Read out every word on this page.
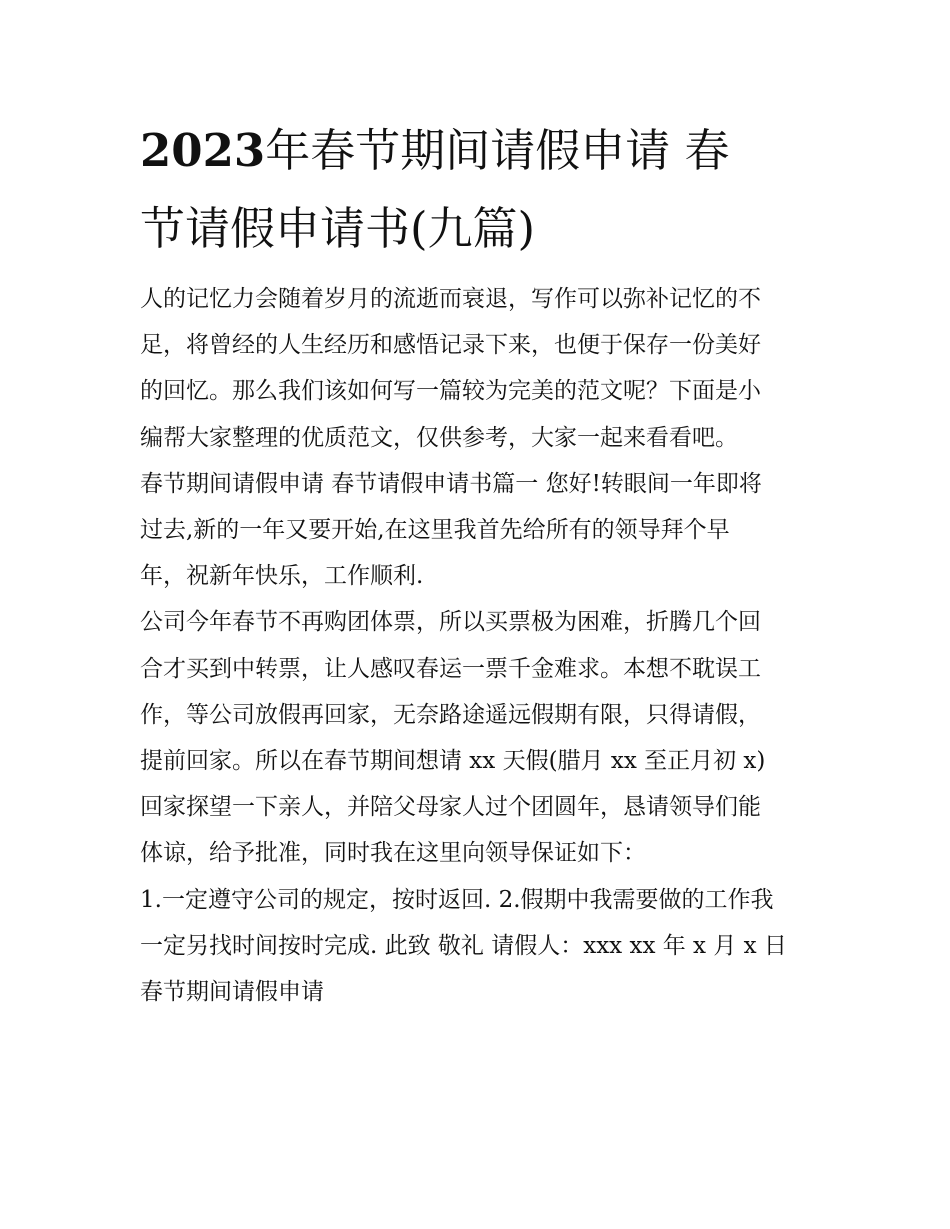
2023年春节期间请假申请 春
节请假申请书(九篇)
人的记忆力会随着岁月的流逝而衰退，写作可以弥补记忆的不
足，将曾经的人生经历和感悟记录下来，也便于保存一份美好
的回忆。那么我们该如何写一篇较为完美的范文呢？下面是小
编帮大家整理的优质范文，仅供参考，大家一起来看看吧。
春节期间请假申请 春节请假申请书篇一 您好!转眼间一年即将
过去,新的一年又要开始,在这里我首先给所有的领导拜个早
年，祝新年快乐，工作顺利.
公司今年春节不再购团体票，所以买票极为困难，折腾几个回
合才买到中转票，让人感叹春运一票千金难求。本想不耽误工
作，等公司放假再回家，无奈路途遥远假期有限，只得请假，
提前回家。所以在春节期间想请 xx 天假(腊月 xx 至正月初 x)
回家探望一下亲人，并陪父母家人过个团圆年，恳请领导们能
体谅，给予批准，同时我在这里向领导保证如下：
1.一定遵守公司的规定，按时返回. 2.假期中我需要做的工作我
一定另找时间按时完成. 此致 敬礼 请假人：xxx xx 年 x 月 x 日
春节期间请假申请
